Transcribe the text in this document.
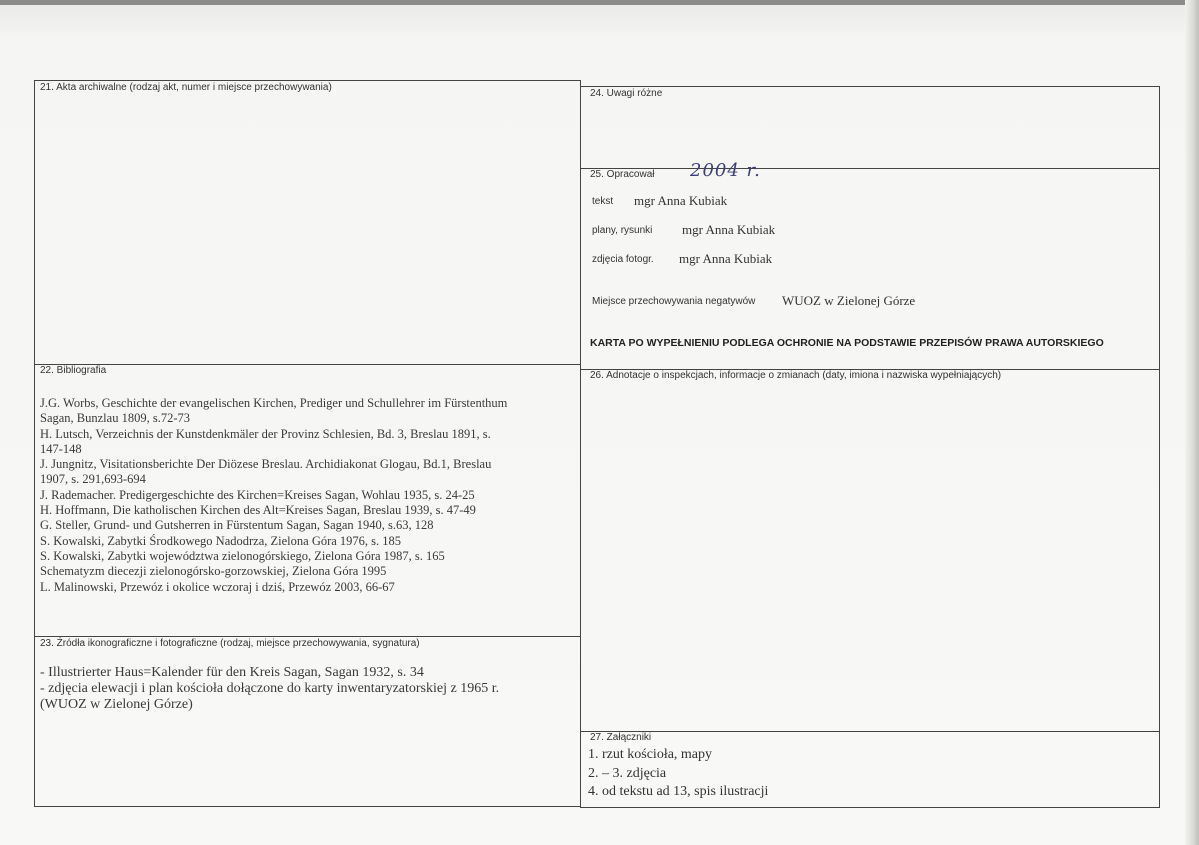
21. Akta archiwalne (rodzaj akt, numer i miejsce przechowywania)
22. Bibliografia
J.G. Worbs, Geschichte der evangelischen Kirchen, Prediger und Schullehrer im Fürstenthum
Sagan, Bunzlau 1809, s.72-73
H. Lutsch, Verzeichnis der Kunstdenkmäler der Provinz Schlesien, Bd. 3, Breslau 1891, s.
147-148
J. Jungnitz, Visitationsberichte Der Diözese Breslau. Archidiakonat Glogau, Bd.1, Breslau
1907, s. 291,693-694
J. Rademacher. Predigergeschichte des Kirchen=Kreises Sagan, Wohlau 1935, s. 24-25
H. Hoffmann, Die katholischen Kirchen des Alt=Kreises Sagan, Breslau 1939, s. 47-49
G. Steller, Grund- und Gutsherren in Fürstentum Sagan, Sagan 1940, s.63, 128
S. Kowalski, Zabytki Środkowego Nadodrza, Zielona Góra 1976, s. 185
S. Kowalski, Zabytki województwa zielonogórskiego, Zielona Góra 1987, s. 165
Schematyzm diecezji zielonogórsko-gorzowskiej, Zielona Góra 1995
L. Malinowski, Przewóz i okolice wczoraj i dziś, Przewóz 2003, 66-67
23. Źródła ikonograficzne i fotograficzne (rodzaj, miejsce przechowywania, sygnatura)
- Illustrierter Haus=Kalender für den Kreis Sagan, Sagan 1932, s. 34
- zdjęcia elewacji i plan kościoła dołączone do karty inwentaryzatorskiej z 1965 r.
(WUOZ w Zielonej Górze)
24. Uwagi różne
25. Opracował 2004 r.
tekst mgr Anna Kubiak
plany, rysunki mgr Anna Kubiak
zdjęcia fotogr. mgr Anna Kubiak
Miejsce przechowywania negatywów WUOZ w Zielonej Górze
KARTA PO WYPEŁNIENIU PODLEGA OCHRONIE NA PODSTAWIE PRZEPISÓW PRAWA AUTORSKIEGO
26. Adnotacje o inspekcjach, informacje o zmianach (daty, imiona i nazwiska wypełniających)
27. Załączniki
1. rzut kościoła, mapy
2. – 3. zdjęcia
4. od tekstu ad 13, spis ilustracji
